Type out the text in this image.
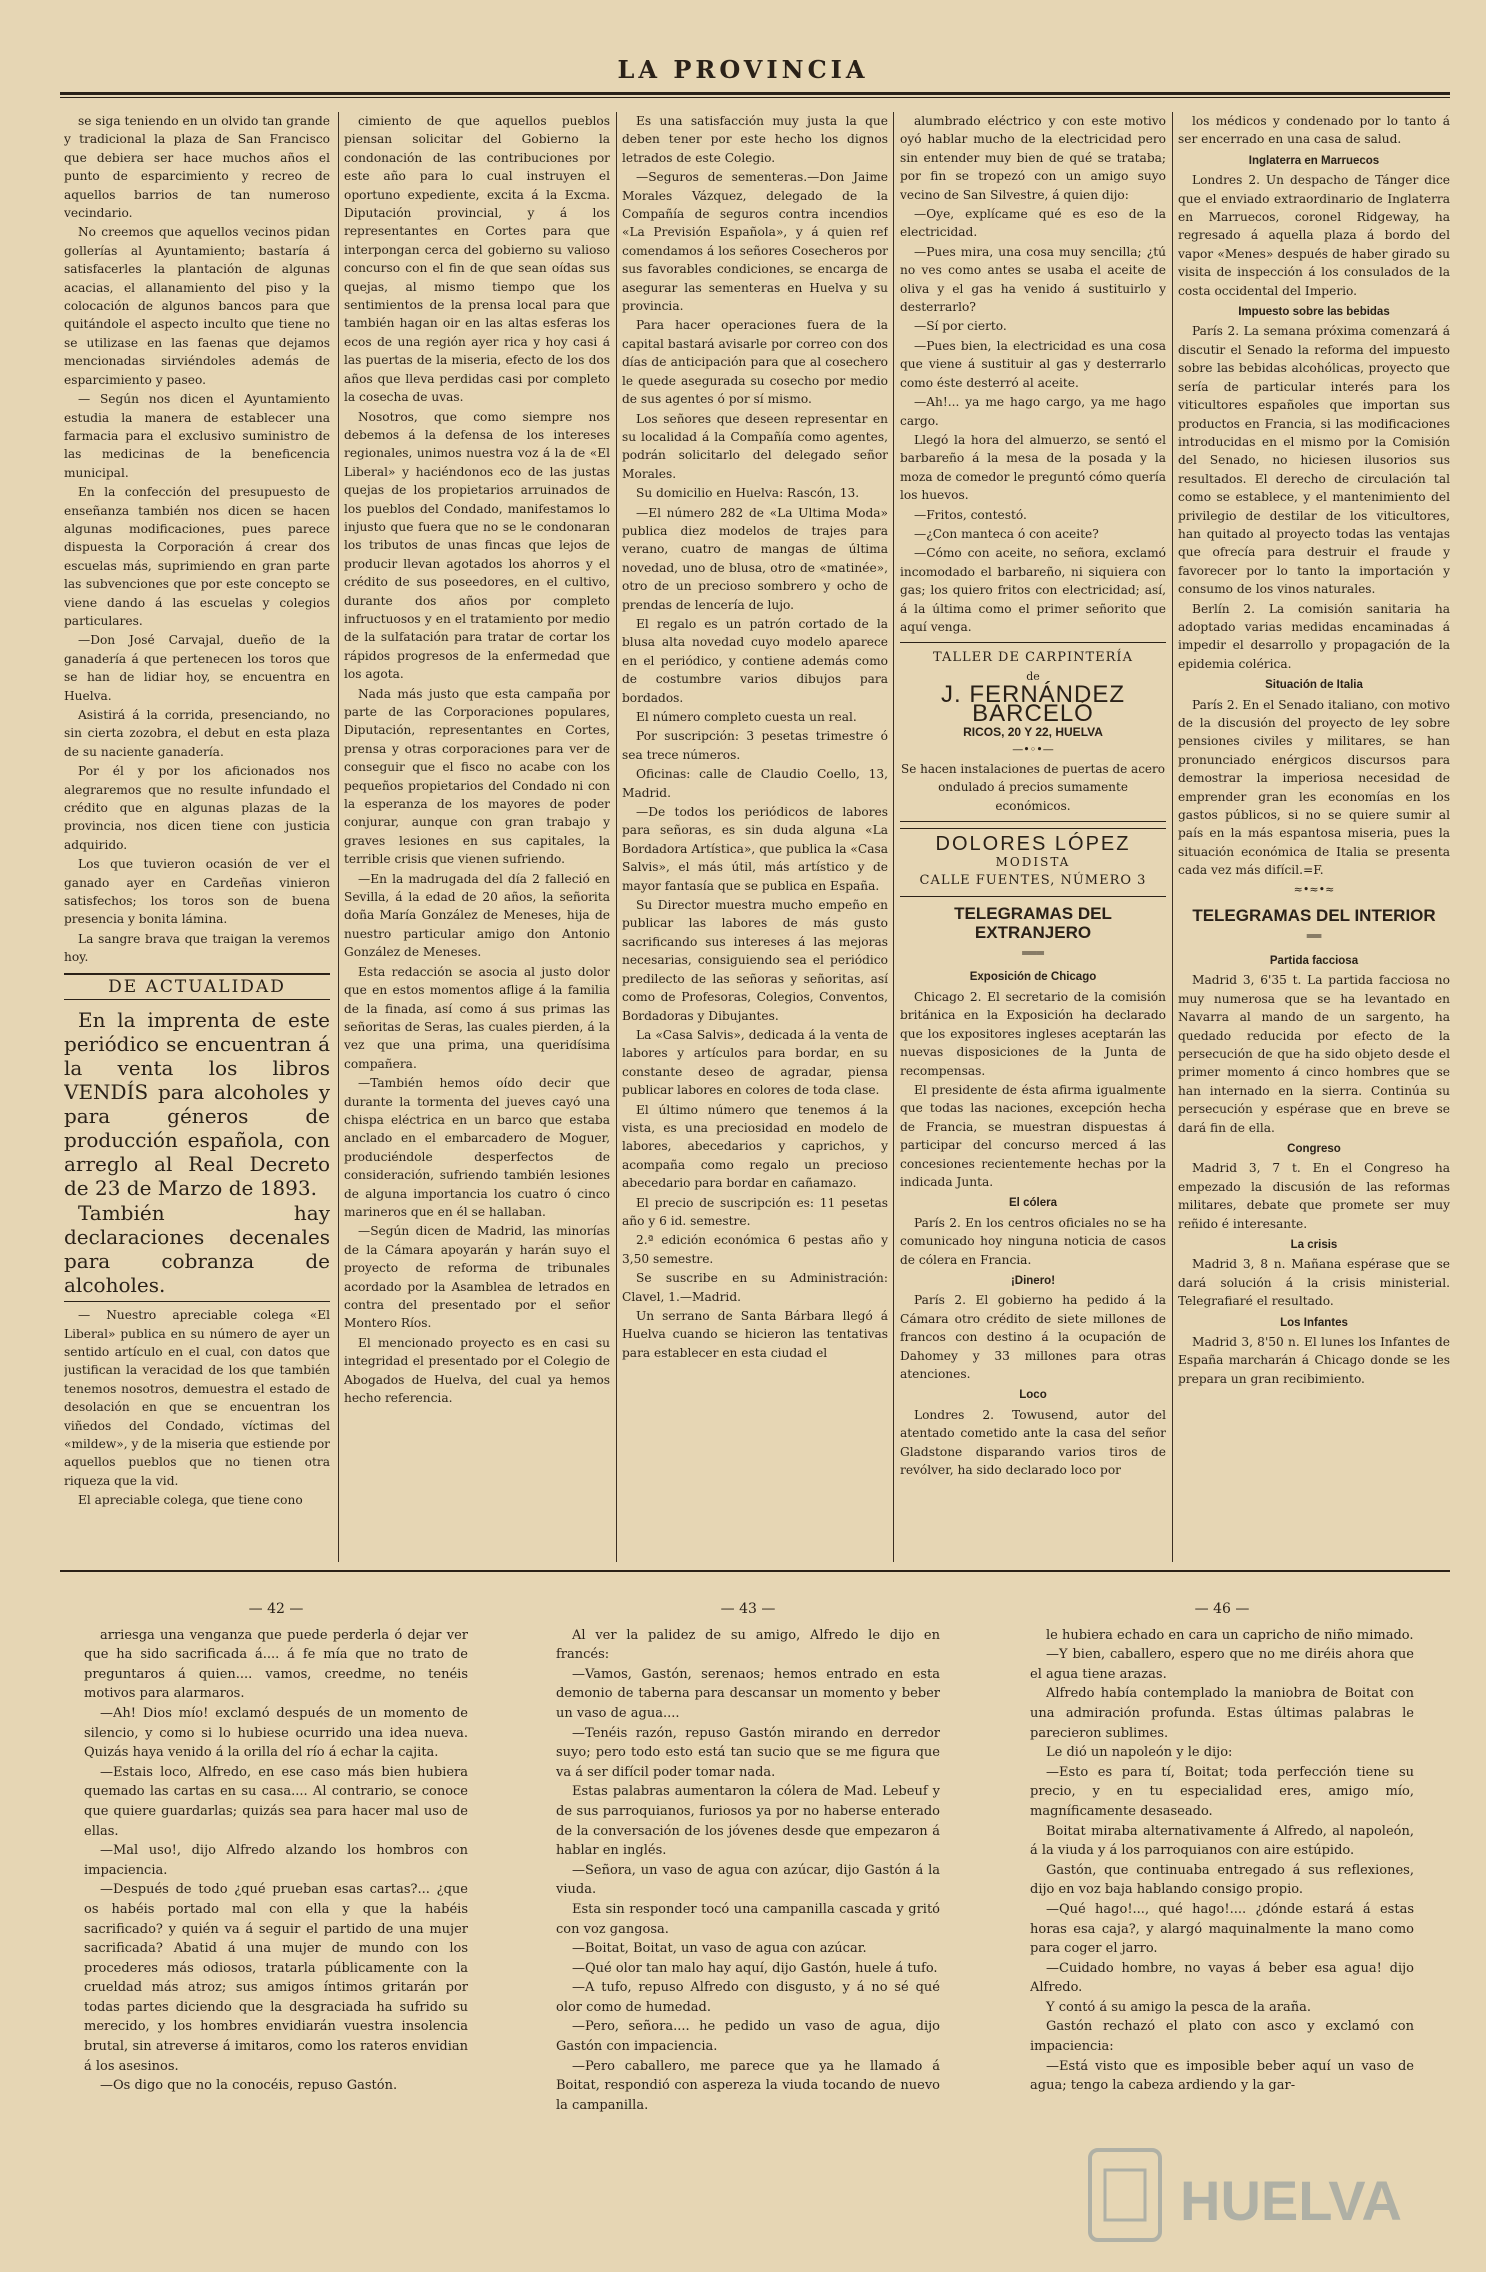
LA PROVINCIA

se siga teniendo en un olvido tan grande y tradicional la plaza de San Francisco que debiera ser hace muchos años el punto de esparcimiento y recreo de aquellos barrios de tan numeroso vecindario.

No creemos que aquellos vecinos pidan gollerías al Ayuntamiento; bastaría á satisfacerles la plantación de algunas acacias, el allanamiento del piso y la colocación de algunos bancos para que quitándole el aspecto inculto que tiene no se utilizase en las faenas que dejamos mencionadas sirviéndoles además de esparcimiento y paseo.

— Según nos dicen el Ayuntamiento estudia la manera de establecer una farmacia para el exclusivo suministro de las medicinas de la beneficencia municipal.

En la confección del presupuesto de enseñanza también nos dicen se hacen algunas modificaciones, pues parece dispuesta la Corporación á crear dos escuelas más, suprimiendo en gran parte las subvenciones que por este concepto se viene dando á las escuelas y colegios particulares.

—Don José Carvajal, dueño de la ganadería á que pertenecen los toros que se han de lidiar hoy, se encuentra en Huelva.

Asistirá á la corrida, presenciando, no sin cierta zozobra, el debut en esta plaza de su naciente ganadería.

Por él y por los aficionados nos alegraremos que no resulte infundado el crédito que en algunas plazas de la provincia, nos dicen tiene con justicia adquirido.

Los que tuvieron ocasión de ver el ganado ayer en Cardeñas vinieron satisfechos; los toros son de buena presencia y bonita lámina.

La sangre brava que traigan la veremos hoy.

DE ACTUALIDAD

En la imprenta de este periódico se encuentran á la venta los libros VENDÍS para alcoholes y para géneros de producción española, con arreglo al Real Decreto de 23 de Marzo de 1893.

También hay declaraciones decenales para cobranza de alcoholes.

— Nuestro apreciable colega «El Liberal» publica en su número de ayer un sentido artículo en el cual, con datos que justifican la veracidad de los que también tenemos nosotros, demuestra el estado de desolación en que se encuentran los viñedos del Condado, víctimas del «mildew», y de la miseria que estiende por aquellos pueblos que no tienen otra riqueza que la vid.

El apreciable colega, que tiene cono

cimiento de que aquellos pueblos piensan solicitar del Gobierno la condonación de las contribuciones por este año para lo cual instruyen el oportuno expediente, excita á la Excma. Diputación provincial, y á los representantes en Cortes para que interpongan cerca del gobierno su valioso concurso con el fin de que sean oídas sus quejas, al mismo tiempo que los sentimientos de la prensa local para que también hagan oir en las altas esferas los ecos de una región ayer rica y hoy casi á las puertas de la miseria, efecto de los dos años que lleva perdidas casi por completo la cosecha de uvas.

Nosotros, que como siempre nos debemos á la defensa de los intereses regionales, unimos nuestra voz á la de «El Liberal» y haciéndonos eco de las justas quejas de los propietarios arruinados de los pueblos del Condado, manifestamos lo injusto que fuera que no se le condonaran los tributos de unas fincas que lejos de producir llevan agotados los ahorros y el crédito de sus poseedores, en el cultivo, durante dos años por completo infructuosos y en el tratamiento por medio de la sulfatación para tratar de cortar los rápidos progresos de la enfermedad que los agota.

Nada más justo que esta campaña por parte de las Corporaciones populares, Diputación, representantes en Cortes, prensa y otras corporaciones para ver de conseguir que el fisco no acabe con los pequeños propietarios del Condado ni con la esperanza de los mayores de poder conjurar, aunque con gran trabajo y graves lesiones en sus capitales, la terrible crisis que vienen sufriendo.

—En la madrugada del día 2 falleció en Sevilla, á la edad de 20 años, la señorita doña María González de Meneses, hija de nuestro particular amigo don Antonio González de Meneses.

Esta redacción se asocia al justo dolor que en estos momentos aflige á la familia de la finada, así como á sus primas las señoritas de Seras, las cuales pierden, á la vez que una prima, una queridísima compañera.

—También hemos oído decir que durante la tormenta del jueves cayó una chispa eléctrica en un barco que estaba anclado en el embarcadero de Moguer, produciéndole desperfectos de consideración, sufriendo también lesiones de alguna importancia los cuatro ó cinco marineros que en él se hallaban.

—Según dicen de Madrid, las minorías de la Cámara apoyarán y harán suyo el proyecto de reforma de tribunales acordado por la Asamblea de letrados en contra del presentado por el señor Montero Ríos.

El mencionado proyecto es en casi su integridad el presentado por el Colegio de Abogados de Huelva, del cual ya hemos hecho referencia.

Es una satisfacción muy justa la que deben tener por este hecho los dignos letrados de este Colegio.

—Seguros de sementeras.—Don Jaime Morales Vázquez, delegado de la Compañía de seguros contra incendios «La Previsión Española», y á quien ref comendamos á los señores Cosecheros por sus favorables condiciones, se encarga de asegurar las sementeras en Huelva y su provincia.

Para hacer operaciones fuera de la capital bastará avisarle por correo con dos días de anticipación para que al cosechero le quede asegurada su cosecho por medio de sus agentes ó por sí mismo.

Los señores que deseen representar en su localidad á la Compañía como agentes, podrán solicitarlo del delegado señor Morales.

Su domicilio en Huelva: Rascón, 13.

—El número 282 de «La Ultima Moda» publica diez modelos de trajes para verano, cuatro de mangas de última novedad, uno de blusa, otro de «matinée», otro de un precioso sombrero y ocho de prendas de lencería de lujo.

El regalo es un patrón cortado de la blusa alta novedad cuyo modelo aparece en el periódico, y contiene además como de costumbre varios dibujos para bordados.

El número completo cuesta un real.

Por suscripción: 3 pesetas trimestre ó sea trece números.

Oficinas: calle de Claudio Coello, 13, Madrid.

—De todos los periódicos de labores para señoras, es sin duda alguna «La Bordadora Artística», que publica la «Casa Salvis», el más útil, más artístico y de mayor fantasía que se publica en España.

Su Director muestra mucho empeño en publicar las labores de más gusto sacrificando sus intereses á las mejoras necesarias, consiguiendo sea el periódico predilecto de las señoras y señoritas, así como de Profesoras, Colegios, Conventos, Bordadoras y Dibujantes.

La «Casa Salvis», dedicada á la venta de labores y artículos para bordar, en su constante deseo de agradar, piensa publicar labores en colores de toda clase.

El último número que tenemos á la vista, es una preciosidad en modelo de labores, abecedarios y caprichos, y acompaña como regalo un precioso abecedario para bordar en cañamazo.

El precio de suscripción es: 11 pesetas año y 6 id. semestre.

2.ª edición económica 6 pestas año y 3,50 semestre.

Se suscribe en su Administración: Clavel, 1.—Madrid.

Un serrano de Santa Bárbara llegó á Huelva cuando se hicieron las tentativas para establecer en esta ciudad el

alumbrado eléctrico y con este motivo oyó hablar mucho de la electricidad pero sin entender muy bien de qué se trataba; por fin se tropezó con un amigo suyo vecino de San Silvestre, á quien dijo:

—Oye, explícame qué es eso de la electricidad.

—Pues mira, una cosa muy sencilla; ¿tú no ves como antes se usaba el aceite de oliva y el gas ha venido á sustituirlo y desterrarlo?

—Sí por cierto.

—Pues bien, la electricidad es una cosa que viene á sustituir al gas y desterrarlo como éste desterró al aceite.

—Ah!... ya me hago cargo, ya me hago cargo.

Llegó la hora del almuerzo, se sentó el barbareño á la mesa de la posada y la moza de comedor le preguntó cómo quería los huevos.

—Fritos, contestó.

—¿Con manteca ó con aceite?

—Cómo con aceite, no señora, exclamó incomodado el barbareño, ni siquiera con gas; los quiero fritos con electricidad; así, á la última como el primer señorito que aquí venga.

TALLER DE CARPINTERÍA
de
J. FERNÁNDEZ BARCELÓ
RICOS, 20 Y 22, HUELVA
—•◦•—
Se hacen instalaciones de puertas de acero ondulado á precios sumamente económicos.
DOLORES LÓPEZ
MODISTA
CALLE FUENTES, NÚMERO 3
TELEGRAMAS DEL EXTRANJERO
═══
Exposición de Chicago

Chicago 2. El secretario de la comisión británica en la Exposición ha declarado que los expositores ingleses aceptarán las nuevas disposiciones de la Junta de recompensas.

El presidente de ésta afirma igualmente que todas las naciones, excepción hecha de Francia, se muestran dispuestas á participar del concurso merced á las concesiones recientemente hechas por la indicada Junta.

El cólera

París 2. En los centros oficiales no se ha comunicado hoy ninguna noticia de casos de cólera en Francia.

¡Dinero!

París 2. El gobierno ha pedido á la Cámara otro crédito de siete millones de francos con destino á la ocupación de Dahomey y 33 millones para otras atenciones.

Loco

Londres 2. Towusend, autor del atentado cometido ante la casa del señor Gladstone disparando varios tiros de revólver, ha sido declarado loco por

los médicos y condenado por lo tanto á ser encerrado en una casa de salud.

Inglaterra en Marruecos

Londres 2. Un despacho de Tánger dice que el enviado extraordinario de Inglaterra en Marruecos, coronel Ridgeway, ha regresado á aquella plaza á bordo del vapor «Menes» después de haber girado su visita de inspección á los consulados de la costa occidental del Imperio.

Impuesto sobre las bebidas

París 2. La semana próxima comenzará á discutir el Senado la reforma del impuesto sobre las bebidas alcohólicas, proyecto que sería de particular interés para los viticultores españoles que importan sus productos en Francia, si las modificaciones introducidas en el mismo por la Comisión del Senado, no hiciesen ilusorios sus resultados. El derecho de circulación tal como se establece, y el mantenimiento del privilegio de destilar de los viticultores, han quitado al proyecto todas las ventajas que ofrecía para destruir el fraude y favorecer por lo tanto la importación y consumo de los vinos naturales.

Berlín 2. La comisión sanitaria ha adoptado varias medidas encaminadas á impedir el desarrollo y propagación de la epidemia colérica.

Situación de Italia

París 2. En el Senado italiano, con motivo de la discusión del proyecto de ley sobre pensiones civiles y militares, se han pronunciado enérgicos discursos para demostrar la imperiosa necesidad de emprender gran les economías en los gastos públicos, si no se quiere sumir al país en la más espantosa miseria, pues la situación económica de Italia se presenta cada vez más difícil.=F.

≈•≈•≈
TELEGRAMAS DEL INTERIOR
══
Partida facciosa

Madrid 3, 6'35 t. La partida facciosa no muy numerosa que se ha levantado en Navarra al mando de un sargento, ha quedado reducida por efecto de la persecución de que ha sido objeto desde el primer momento á cinco hombres que se han internado en la sierra. Continúa su persecución y espérase que en breve se dará fin de ella.

Congreso

Madrid 3, 7 t. En el Congreso ha empezado la discusión de las reformas militares, debate que promete ser muy reñido é interesante.

La crisis

Madrid 3, 8 n. Mañana espérase que se dará solución á la crisis ministerial. Telegrafiaré el resultado.

Los Infantes

Madrid 3, 8'50 n. El lunes los Infantes de España marcharán á Chicago donde se les prepara un gran recibimiento.

— 42 —

arriesga una venganza que puede perderla ó dejar ver que ha sido sacrificada á.... á fe mía que no trato de preguntaros á quien.... vamos, creedme, no tenéis motivos para alarmaros.

—Ah! Dios mío! exclamó después de un momento de silencio, y como si lo hubiese ocurrido una idea nueva. Quizás haya venido á la orilla del río á echar la cajita.

—Estais loco, Alfredo, en ese caso más bien hubiera quemado las cartas en su casa.... Al contrario, se conoce que quiere guardarlas; quizás sea para hacer mal uso de ellas.

—Mal uso!, dijo Alfredo alzando los hombros con impaciencia.

—Después de todo ¿qué prueban esas cartas?... ¿que os habéis portado mal con ella y que la habéis sacrificado? y quién va á seguir el partido de una mujer sacrificada? Abatid á una mujer de mundo con los procederes más odiosos, tratarla públicamente con la crueldad más atroz; sus amigos íntimos gritarán por todas partes diciendo que la desgraciada ha sufrido su merecido, y los hombres envidiarán vuestra insolencia brutal, sin atreverse á imitaros, como los rateros envidian á los asesinos.

—Os digo que no la conocéis, repuso Gastón.

— 43 —

Al ver la palidez de su amigo, Alfredo le dijo en francés:

—Vamos, Gastón, serenaos; hemos entrado en esta demonio de taberna para descansar un momento y beber un vaso de agua....

—Tenéis razón, repuso Gastón mirando en derredor suyo; pero todo esto está tan sucio que se me figura que va á ser difícil poder tomar nada.

Estas palabras aumentaron la cólera de Mad. Lebeuf y de sus parroquianos, furiosos ya por no haberse enterado de la conversación de los jóvenes desde que empezaron á hablar en inglés.

—Señora, un vaso de agua con azúcar, dijo Gastón á la viuda.

Esta sin responder tocó una campanilla cascada y gritó con voz gangosa.

—Boitat, Boitat, un vaso de agua con azúcar.

—Qué olor tan malo hay aquí, dijo Gastón, huele á tufo.

—A tufo, repuso Alfredo con disgusto, y á no sé qué olor como de humedad.

—Pero, señora.... he pedido un vaso de agua, dijo Gastón con impaciencia.

—Pero caballero, me parece que ya he llamado á Boitat, respondió con aspereza la viuda tocando de nuevo la campanilla.

— 46 —

le hubiera echado en cara un capricho de niño mimado.

—Y bien, caballero, espero que no me diréis ahora que el agua tiene arazas.

Alfredo había contemplado la maniobra de Boitat con una admiración profunda. Estas últimas palabras le parecieron sublimes.

Le dió un napoleón y le dijo:

—Esto es para tí, Boitat; toda perfección tiene su precio, y en tu especialidad eres, amigo mío, magníficamente desaseado.

Boitat miraba alternativamente á Alfredo, al napoleón, á la viuda y á los parroquianos con aire estúpido.

Gastón, que continuaba entregado á sus reflexiones, dijo en voz baja hablando consigo propio.

—Qué hago!..., qué hago!.... ¿dónde estará á estas horas esa caja?, y alargó maquinalmente la mano como para coger el jarro.

—Cuidado hombre, no vayas á beber esa agua! dijo Alfredo.

Y contó á su amigo la pesca de la araña.

Gastón rechazó el plato con asco y exclamó con impaciencia:

—Está visto que es imposible beber aquí un vaso de agua; tengo la cabeza ardiendo y la gar-

HUELVA
